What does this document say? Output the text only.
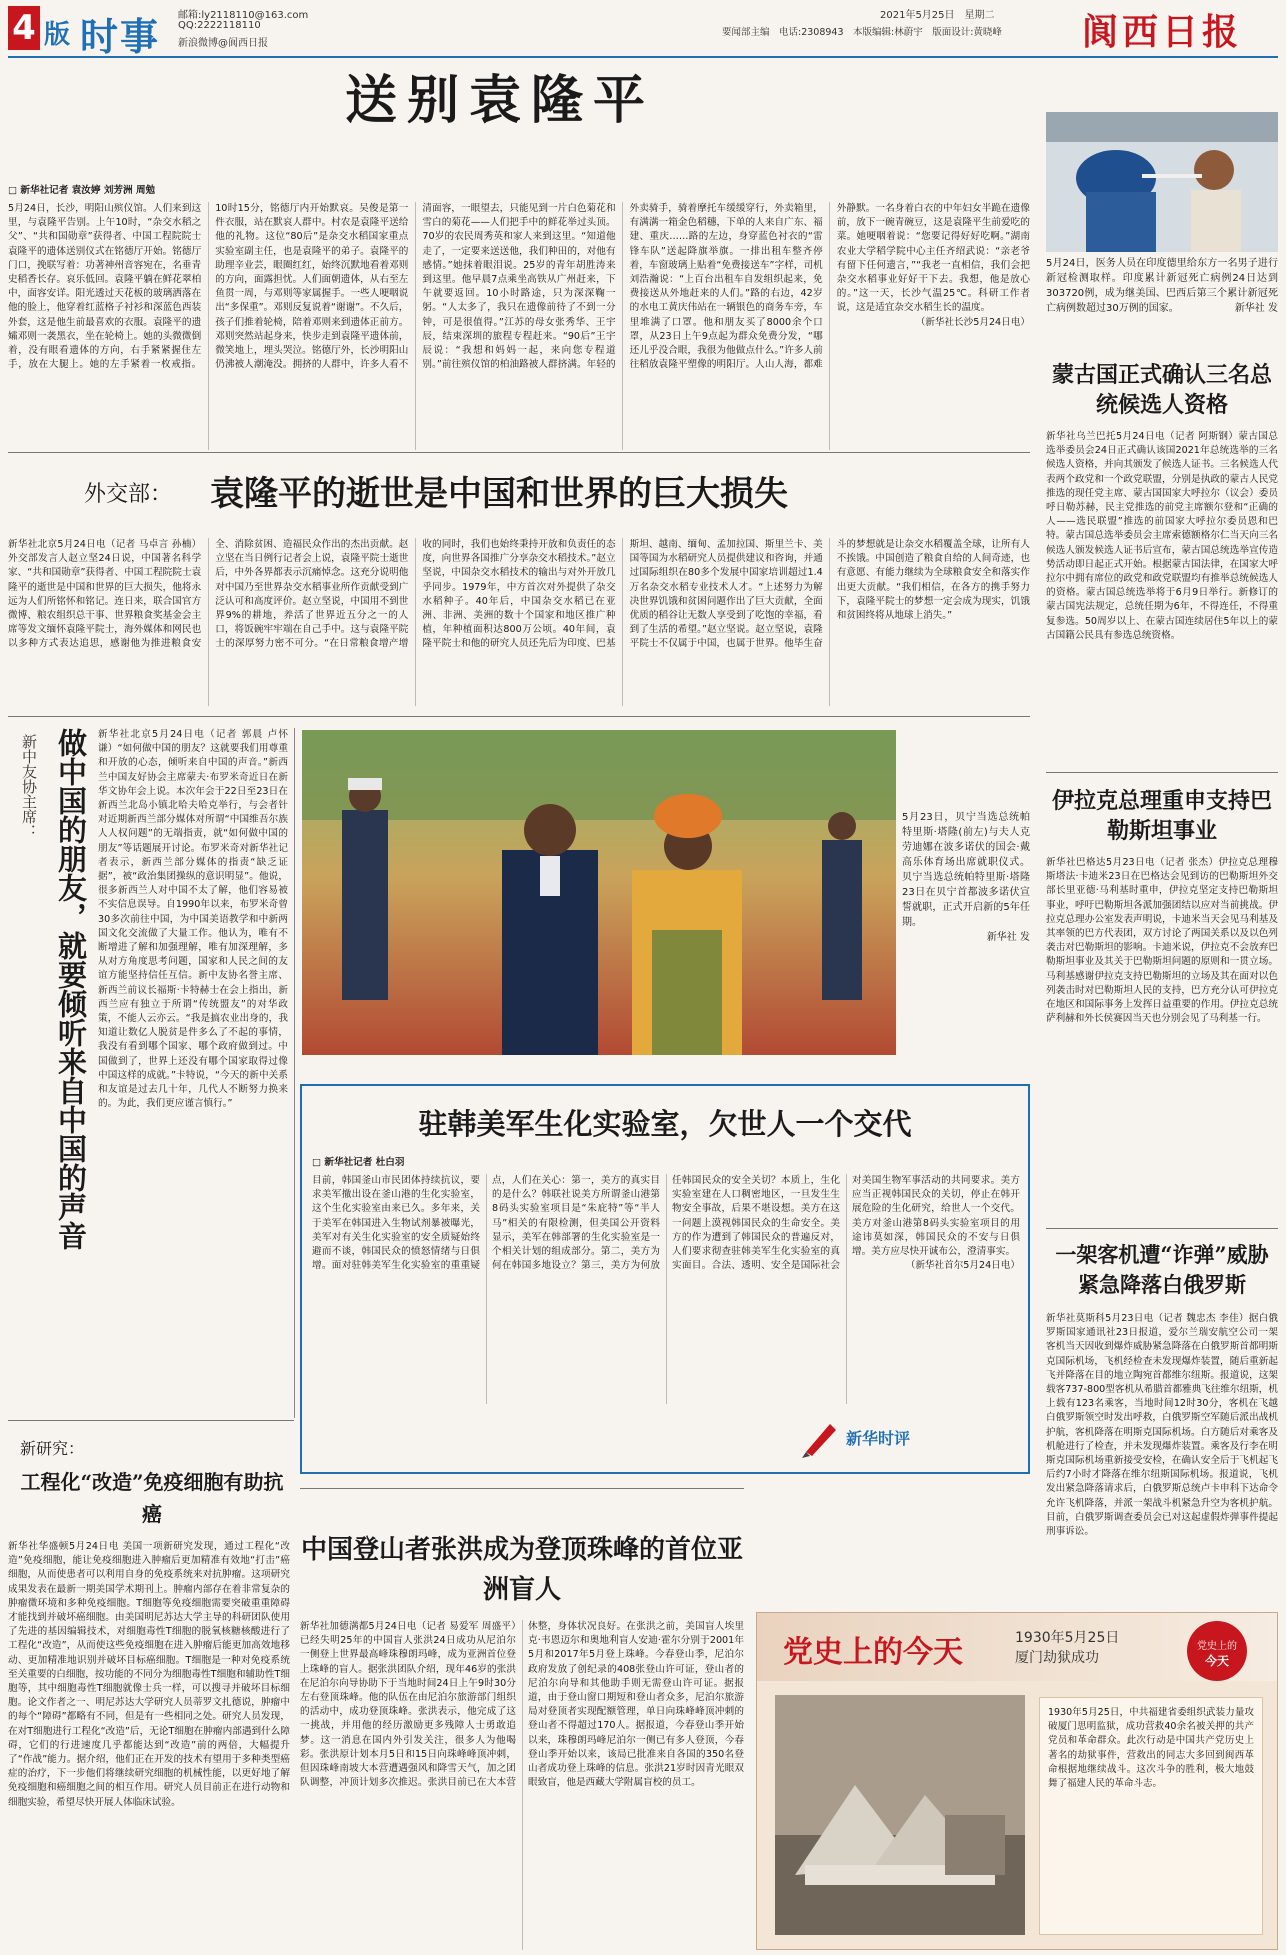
4 版 时事 邮箱:ly2118110@163.com
QQ:2222118110
新浪微博@阆西日报
2021年5月25日　星期二
要闻部主编　电话:2308943　本版编辑:林蔚宇　版面设计:黄晓峰 阆西日报
送别袁隆平
□ 新华社记者 袁汝婷 刘芳洲 周勉
5月24日，长沙，明阳山殡仪馆。人们来到这里，与袁隆平告别。上午10时，“杂交水稻之父”、“共和国勋章”获得者、中国工程院院士袁隆平的遗体送别仪式在铭德厅开始。铭德厅门口，挽联写着：功著神州音容宛在，名垂青史稻香长存。哀乐低回。袁隆平躺在鲜花翠柏中，面容安详。阳光透过天花板的玻璃洒落在他的脸上，他穿着红蓝格子衬衫和深蓝色西装外套，这是他生前最喜欢的衣服。袁隆平的遗孀邓则一袭黑衣，坐在轮椅上。她的头微微倒着，没有眼看遗体的方向，右手紧紧握住左手，放在大腿上。她的左手紧着一枚戒指。10时15分，铭德厅内开始默哀。吴俊是第一件衣服，站在默哀人群中。村农是袁隆平送给他的礼物。这位“80后”是杂交水稻国家重点实验室副主任，也是袁隆平的弟子。袁隆平的助理辛业芸，眼圈红红，始终沉默地看着邓则的方向，面露担忧。人们面朝遗体，从右至左鱼贯一周，与邓则等家属握手。一些人哽咽说出“多保重”。邓则反复说着“谢谢”。不久后，孩子们推着轮椅，陪着邓则来到遗体正前方。邓则突然站起身来，快步走到袁隆平遗体前，微笑地上，埋头哭泣。铭德厅外，长沙明阳山仍沸被人潮淹没。拥挤的人群中，许多人看不清面容，一眼望去，只能见到一片白色菊花和雪白的菊花——人们把手中的鲜花举过头顶。70岁的农民周秀英和家人来到这里。“知道他走了，一定要来送送他，我们种田的，对他有感情。”她抹着眼泪说。25岁的青年胡胜涛来到这里。他早晨7点乘坐高铁从广州赶来，下午就要返回。10小时路途，只为深深鞠一躬。“人太多了，我只在遗像前待了不到一分钟，可是很值得。”江苏的母女张秀华、王宇辰，结束深圳的旅程专程赶来。“90后”王宇辰说：“我想和妈妈一起，来向您专程道别。”前往殡仪馆的柏油路被人群挤满。年轻的外卖骑手，骑着摩托车缓缓穿行，外卖箱里，有满满一箱金色稻穗，下单的人来自广东、福建、重庆……路的左边，身穿蓝色衬衣的“雷锋车队”送起降旗举旗。一排出租车整齐停着，车窗玻璃上贴着“免费接送车”字样，司机刘浩瀚说：“上百台出租车自发组织起来，免费接送从外地赶来的人们。”路的右边，42岁的水电工黄庆伟站在一辆银色的商务车旁，车里堆满了口罩。他和朋友买了8000余个口罩，从23日上午9点起为群众免费分发，“哪还儿乎没合眼，我很为他做点什么。”许多人前往稻放袁隆平塑像的明阳厅。人山人海，都难外静默。一名身着白衣的中年妇女半跪在遗像前，放下一碗青碗豆，这是袁隆平生前爱吃的菜。她哽咽着说：“您要记得好好吃啊。”湖南农业大学稻学院中心主任齐绍武说：“亲老爷有留下任何遗言，”“我老一直相信，我们会把杂交水稻事业好好干下去。我想，他是放心的。”这一天，长沙气温25℃。科研工作者说，这是适宜杂交水稻生长的温度。
（新华社长沙5月24日电）
5月24日，医务人员在印度德里给东方一名男子进行新冠检测取样。印度累计新冠死亡病例24日达到303720例，成为继美国、巴西后第三个累计新冠死亡病例数超过30万例的国家。	新华社 发
蒙古国正式确认三名总统候选人资格
新华社乌兰巴托5月24日电（记者 阿斯钢）蒙古国总选举委员会24日正式确认该国2021年总统选举的三名候选人资格，并向其颁发了候选人证书。三名候选人代表两个政党和一个政党联盟，分别是执政的蒙古人民党推选的现任党主席、蒙古国国家大呼拉尔（议会）委员呼日勒苏赫，民主党推选的前党主席额尔登和“正确的人——选民联盟”推选的前国家大呼拉尔委员恩和巴特。蒙古国总选举委员会主席索德额格尔仁当天向三名候选人颁发候选人证书后宣布，蒙古国总统选举宣传造势活动即日起正式开始。根据蒙古国法律，在国家大呼拉尔中拥有席位的政党和政党联盟均有推举总统候选人的资格。蒙古国总统选举将于6月9日举行。新修订的蒙古国宪法规定，总统任期为6年，不得连任，不得重复参选。50周岁以上、在蒙古国连续居住5年以上的蒙古国籍公民具有参选总统资格。
外交部：	袁隆平的逝世是中国和世界的巨大损失
新华社北京5月24日电（记者 马卓言 孙楠）外交部发言人赵立坚24日说，中国著名科学家、“共和国勋章”获得者、中国工程院院士袁隆平的逝世是中国和世界的巨大损失，他将永远为人们所铭怀和铭记。连日来，联合国官方微博、粮农组织总干事、世界粮食奖基金会主席等发文缅怀袁隆平院士，海外媒体和网民也以多种方式表达追思，感谢他为推进粮食安全、消除贫困、造福民众作出的杰出贡献。赵立坚在当日例行记者会上说，袁隆平院士逝世后，中外各界都表示沉痛悼念。这充分说明他对中国乃至世界杂交水稻事业所作贡献受到广泛认可和高度评价。赵立坚说，中国用不到世界9%的耕地，养活了世界近五分之一的人口，将饭碗牢牢端在自己手中。这与袁隆平院士的深厚努力密不可分。“在日常粮食增产增收的同时，我们也始终秉持开放和负责任的态度，向世界各国推广分享杂交水稻技术。”赵立坚说，中国杂交水稻技术的输出与对外开放几乎同步。1979年，中方首次对外提供了杂交水稻种子。40年后，中国杂交水稻已在亚洲、非洲、美洲的数十个国家和地区推广种植，年种植面积达800万公顷。40年间，袁隆平院士和他的研究人员还先后为印度、巴基斯坦、越南、缅甸、孟加拉国、斯里兰卡、美国等国为水稻研究人员提供建议和咨询，并通过国际组织在80多个发展中国家培训超过1.4万名杂交水稻专业技术人才。“上述努力为解决世界饥饿和贫困问题作出了巨大贡献，全面优质的稻谷让无数人享受到了吃饱的幸福，看到了生活的希望。”赵立坚说。赵立坚说，袁隆平院士不仅属于中国，也属于世界。他毕生奋斗的梦想就是让杂交水稻覆盖全球，让所有人不挨饿。中国创造了粮食自给的人间奇迹，也有意愿、有能力继续为全球粮食安全和落实作出更大贡献。“我们相信，在各方的携手努力下，袁隆平院士的梦想一定会成为现实，饥饿和贫困终将从地球上消失。”
新中友协主席： 做中国的朋友，就要倾听来自中国的声音	新华社北京5月24日电（记者 郭晨 卢怀谦）“如何做中国的朋友？这就要我们用尊重和开放的心态，倾听来自中国的声音。”新西兰中国友好协会主席蒙夫·布罗米奇近日在新华文协年会上说。本次年会于22日至23日在新西兰北岛小镇北哈夫哈克举行，与会者针对近期新西兰部分媒体对所谓“中国维吾尔族人人权问题”的无端指责，就“如何做中国的朋友”等话题展开讨论。布罗米奇对新华社记者表示，新西兰部分媒体的指责“缺乏证据”，被“政治集团操纵的意识明显”。他说，很多新西兰人对中国不太了解，他们容易被不实信息误导。自1990年以来，布罗米奇曾30多次前往中国，为中国美语教学和中新两国文化交流做了大量工作。他认为，唯有不断增进了解和加强理解，唯有加深理解，多从对方角度思考问题，国家和人民之间的友谊方能坚持信任互信。新中友协名誉主席、新西兰前议长福斯·卡特赫士在会上指出，新西兰应有独立于所谓“传统盟友”的对华政策，不能人云亦云。“我是搞农业出身的，我知道让数亿人脱贫是件多么了不起的事情，我没有看到哪个国家、哪个政府做到过。中国做到了，世界上还没有哪个国家取得过像中国这样的成就。”卡特说，“今天的新中关系和友谊是过去几十年，几代人不断努力换来的。为此，我们更应谨言慎行。”
5月23日，贝宁当选总统帕特里斯·塔隆(前左)与夫人克劳迪娜在波多诺伏的国会·戴高乐体育场出席就职仪式。贝宁当选总统帕特里斯·塔隆23日在贝宁首都波多诺伏宣誓就职，正式开启新的5年任期。
新华社 发
伊拉克总理重申支持巴勒斯坦事业
新华社巴格达5月23日电（记者 张杰）伊拉克总理穆斯塔法·卡迪米23日在巴格达会见到访的巴勒斯坦外交部长里亚德·马利基时重申，伊拉克坚定支持巴勒斯坦事业，呼吁巴勒斯坦各派加强团结以应对当前挑战。伊拉克总理办公室发表声明说，卡迪米当天会见马利基及其率领的巴方代表团，双方讨论了两国关系以及以色列袭击对巴勒斯坦的影响。卡迪米说，伊拉克不会放弃巴勒斯坦事业及其关于巴勒斯坦问题的原则和一贯立场。马利基感谢伊拉克支持巴勒斯坦的立场及其在面对以色列袭击时对巴勒斯坦人民的支持，巴方充分认可伊拉克在地区和国际事务上发挥日益重要的作用。伊拉克总统萨利赫和外长侯赛因当天也分别会见了马利基一行。
驻韩美军生化实验室，欠世人一个交代
□ 新华社记者 杜白羽
目前，韩国釜山市民团体持续抗议，要求美军撤出设在釜山港的生化实验室，这个生化实验室由来已久。多年来，关于美军在韩国进入生物试剂暴被曝光，美军对有关生化实验室的安全质疑始终避而不谈，韩国民众的愤怒情绪与日俱增。面对驻韩美军生化实验室的重重疑点，人们在关心：第一，美方的真实目的是什么？韩联社说美方所谓釜山港第8码头实验室项目是“朱庇特”等“半人马”相关的有限检测，但美国公开资料显示，美军在韩部署的生化实验室是一个相关计划的组成部分。第二，美方为何在韩国多地设立？第三，美方为何放任韩国民众的安全关切？本质上，生化实验室建在人口稠密地区，一旦发生生物安全事故，后果不堪设想。美方在这一问题上漠视韩国民众的生命安全。美方的作为遭到了韩国民众的普遍反对，人们要求彻查驻韩美军生化实验室的真实面目。合法、透明、安全是国际社会对美国生物军事活动的共同要求。美方应当正视韩国民众的关切，停止在韩开展危险的生化研究，给世人一个交代。美方对釜山港第8码头实验室项目的用途讳莫如深，韩国民众的不安与日俱增。美方应尽快开诚布公，澄清事实。
（新华社首尔5月24日电）
新华时评
一架客机遭“诈弹”威胁紧急降落白俄罗斯
新华社莫斯科5月23日电（记者 魏忠杰 李佳）据白俄罗斯国家通讯社23日报道，爱尔兰瑞安航空公司一架客机当天因收到爆炸威胁紧急降落在白俄罗斯首都明斯克国际机场，飞机经检查未发现爆炸装置，随后重新起飞并降落在目的地立陶宛首都维尔纽斯。报道说，这架载客737-800型客机从希腊首都雅典飞往维尔纽斯，机上载有123名乘客，当地时间12时30分，客机在飞越白俄罗斯领空时发出呼救，白俄罗斯空军随后派出战机护航，客机降落在明斯克国际机场。白方随后对乘客及机舱进行了检查，并未发现爆炸装置。乘客及行李在明斯克国际机场重新接受安检，在确认安全后于飞机起飞后约7小时才降落在维尔纽斯国际机场。报道说，飞机发出紧急降落请求后，白俄罗斯总统卢卡申科下达命令允许飞机降落，并派一架战斗机紧急升空为客机护航。目前，白俄罗斯调查委员会已对这起虚假炸弹事件提起刑事诉讼。
新研究：
工程化“改造”免疫细胞有助抗癌
新华社华盛顿5月24日电 美国一项新研究发现，通过工程化“改造”免疫细胞，能让免疫细胞进入肿瘤后更加精准有效地“打击”癌细胞，从而使患者可以利用自身的免疫系统来对抗肿瘤。这项研究成果发表在最新一期美国学术期刊上。肿瘤内部存在着非常复杂的肿瘤微环境和多种免疫细胞。T细胞等免疫细胞需要突破重重障碍才能找到并破坏癌细胞。由美国明尼苏达大学主导的科研团队使用了先进的基因编辑技术，对细胞毒性T细胞的脱氧核糖核酸进行了工程化“改造”，从而使这些免疫细胞在进入肿瘤后能更加高效地移动、更加精准地识别并破坏目标癌细胞。T细胞是一种对免疫系统至关重要的白细胞，按功能的不同分为细胞毒性T细胞和辅助性T细胞等，其中细胞毒性T细胞就像士兵一样，可以搜寻并破坏目标细胞。论文作者之一、明尼苏达大学研究人员蒂罗文扎德说，肿瘤中的每个“障碍”都略有不同，但是有一些相同之处。研究人员发现，在对T细胞进行工程化“改造”后，无论T细胞在肿瘤内部遇到什么障碍，它们的行进速度几乎都能达到“改造”前的两倍，大幅提升了“作战”能力。据介绍，他们正在开发的技术有望用于多种类型癌症的治疗，下一步他们将继续研究细胞的机械性能，以更好地了解免疫细胞和癌细胞之间的相互作用。研究人员目前正在进行动物和细胞实验，希望尽快开展人体临床试验。
中国登山者张洪成为登顶珠峰的首位亚洲盲人
新华社加德满都5月24日电（记者 易爱军 周盛平）已经失明25年的中国盲人张洪24日成功从尼泊尔一侧登上世界最高峰珠穆朗玛峰，成为亚洲首位登上珠峰的盲人。据张洪团队介绍，现年46岁的张洪在尼泊尔向导协助下于当地时间24日上午9时30分左右登顶珠峰。他的队伍在由尼泊尔旅游部门组织的活动中，成功登顶珠峰。张洪表示，他完成了这一挑战，并用他的经历激励更多残障人士勇敢追梦。这一消息在国内外引发关注，很多人为他喝彩。张洪原计划本月5日和15日向珠峰峰顶冲刺，但因珠峰南坡大本营遭遇强风和降雪天气，加之团队调整，冲顶计划多次推迟。张洪目前已在大本营休整，身体状况良好。在张洪之前，美国盲人埃里克·韦恩迈尔和奥地利盲人安迪·霍尔分别于2001年5月和2017年5月登上珠峰。今春登山季，尼泊尔政府发放了创纪录的408张登山许可证，登山者的尼泊尔向导和其他助手则无需登山许可证。据报道，由于登山窗口期短和登山者众多，尼泊尔旅游局对登顶者实现配额管理，单日向珠峰峰顶冲刺的登山者不得超过170人。据报道，今春登山季开始以来，珠穆朗玛峰尼泊尔一侧已有多人登顶，今春登山季开始以来，该局已批准来自各国的350名登山者成功登上珠峰的信息。张洪21岁时因青光眼双眼致盲，他是西藏大学附属盲校的员工。
党史上的今天	1930年5月25日
厦门劫狱成功
党史上的
今天
1930年5月25日，中共福建省委组织武装力量攻破厦门思明监狱，成功营救40余名被关押的共产党员和革命群众。此次行动是中国共产党历史上著名的劫狱事件，营救出的同志大多回到闽西革命根据地继续战斗。这次斗争的胜利，极大地鼓舞了福建人民的革命斗志。
